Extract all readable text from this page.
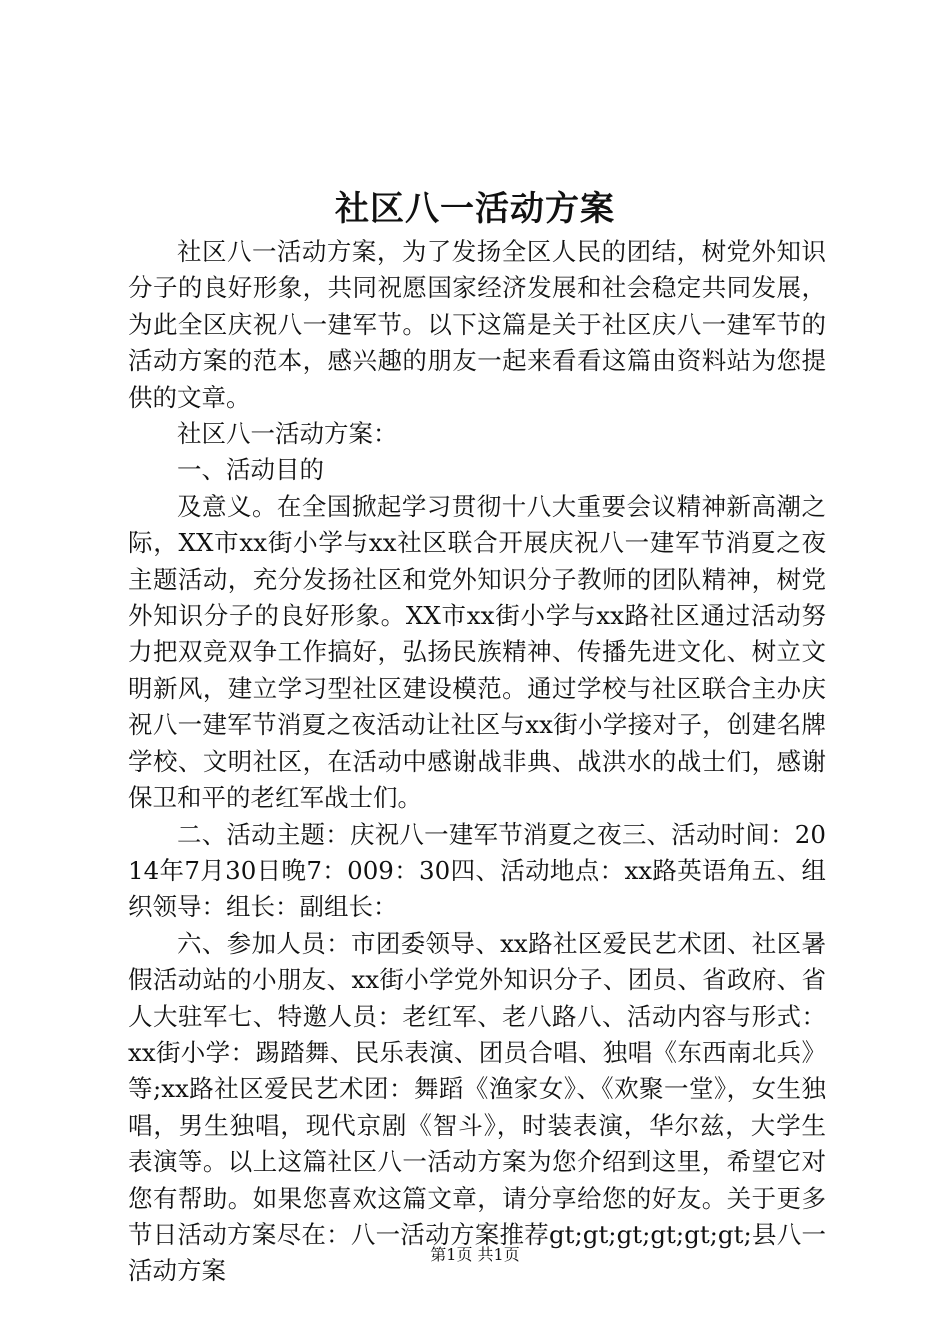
社区八一活动方案

社区八一活动方案，为了发扬全区人民的团结，树党外知识分子的良好形象，共同祝愿国家经济发展和社会稳定共同发展，为此全区庆祝八一建军节。以下这篇是关于社区庆八一建军节的活动方案的范本，感兴趣的朋友一起来看看这篇由资料站为您提供的文章。

社区八一活动方案：

一、活动目的

及意义。在全国掀起学习贯彻十八大重要会议精神新高潮之际，XX市xx街小学与xx社区联合开展庆祝八一建军节消夏之夜主题活动，充分发扬社区和党外知识分子教师的团队精神，树党外知识分子的良好形象。XX市xx街小学与xx路社区通过活动努力把双竞双争工作搞好，弘扬民族精神、传播先进文化、树立文明新风，建立学习型社区建设模范。通过学校与社区联合主办庆祝八一建军节消夏之夜活动让社区与xx街小学接对子，创建名牌学校、文明社区，在活动中感谢战非典、战洪水的战士们，感谢保卫和平的老红军战士们。

二、活动主题：庆祝八一建军节消夏之夜三、活动时间：2014年7月30日晚7：009：30四、活动地点：xx路英语角五、组织领导：组长：副组长：

六、参加人员：市团委领导、xx路社区爱民艺术团、社区暑假活动站的小朋友、xx街小学党外知识分子、团员、省政府、省人大驻军七、特邀人员：老红军、老八路八、活动内容与形式：xx街小学：踢踏舞、民乐表演、团员合唱、独唱《东西南北兵》等;xx路社区爱民艺术团：舞蹈《渔家女》、《欢聚一堂》，女生独唱，男生独唱，现代京剧《智斗》，时装表演，华尔兹，大学生表演等。以上这篇社区八一活动方案为您介绍到这里，希望它对您有帮助。如果您喜欢这篇文章，请分享给您的好友。关于更多节日活动方案尽在：八一活动方案推荐gt;gt;gt;gt;gt;gt;县八一活动方案

第1页 共1页
